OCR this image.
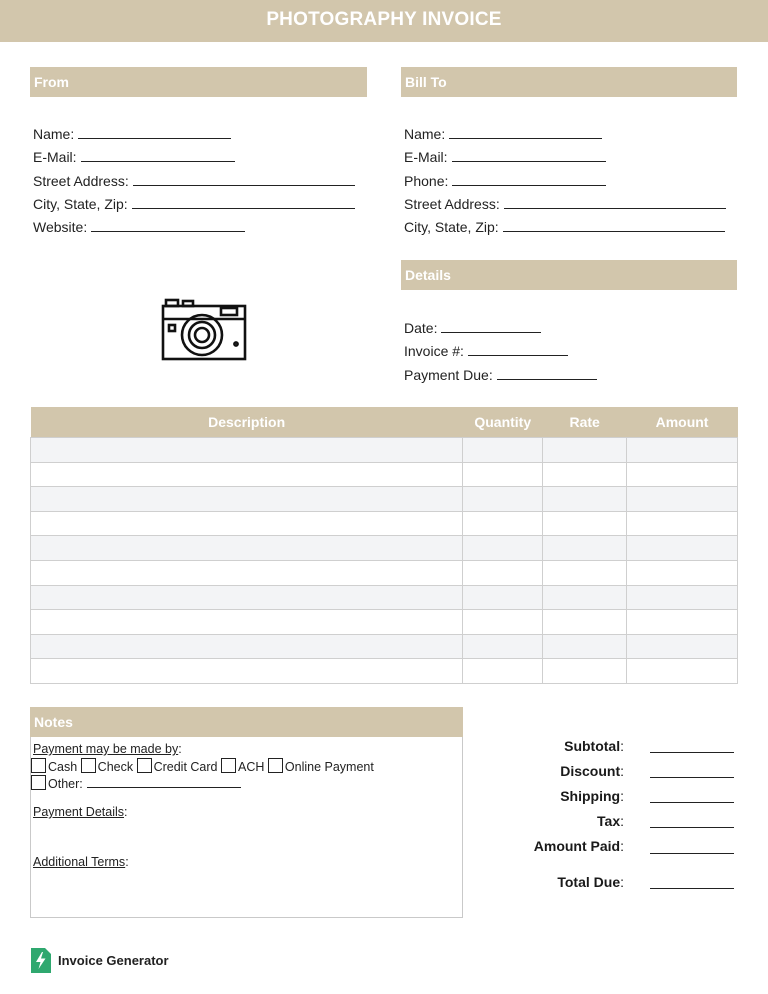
PHOTOGRAPHY INVOICE
From
Name:
E-Mail:
Street Address:
City, State, Zip:
Website:
Bill To
Name:
E-Mail:
Phone:
Street Address:
City, State, Zip:
Details
Date:
Invoice #:
Payment Due:
Description	Quantity	Rate	Amount

Notes
Payment may be made by:
Cash Check Credit Card ACH Online Payment
Other:
Payment Details:
Additional Terms:
Subtotal:
Discount:
Shipping:
Tax:
Amount Paid:
Total Due:
Invoice Generator
